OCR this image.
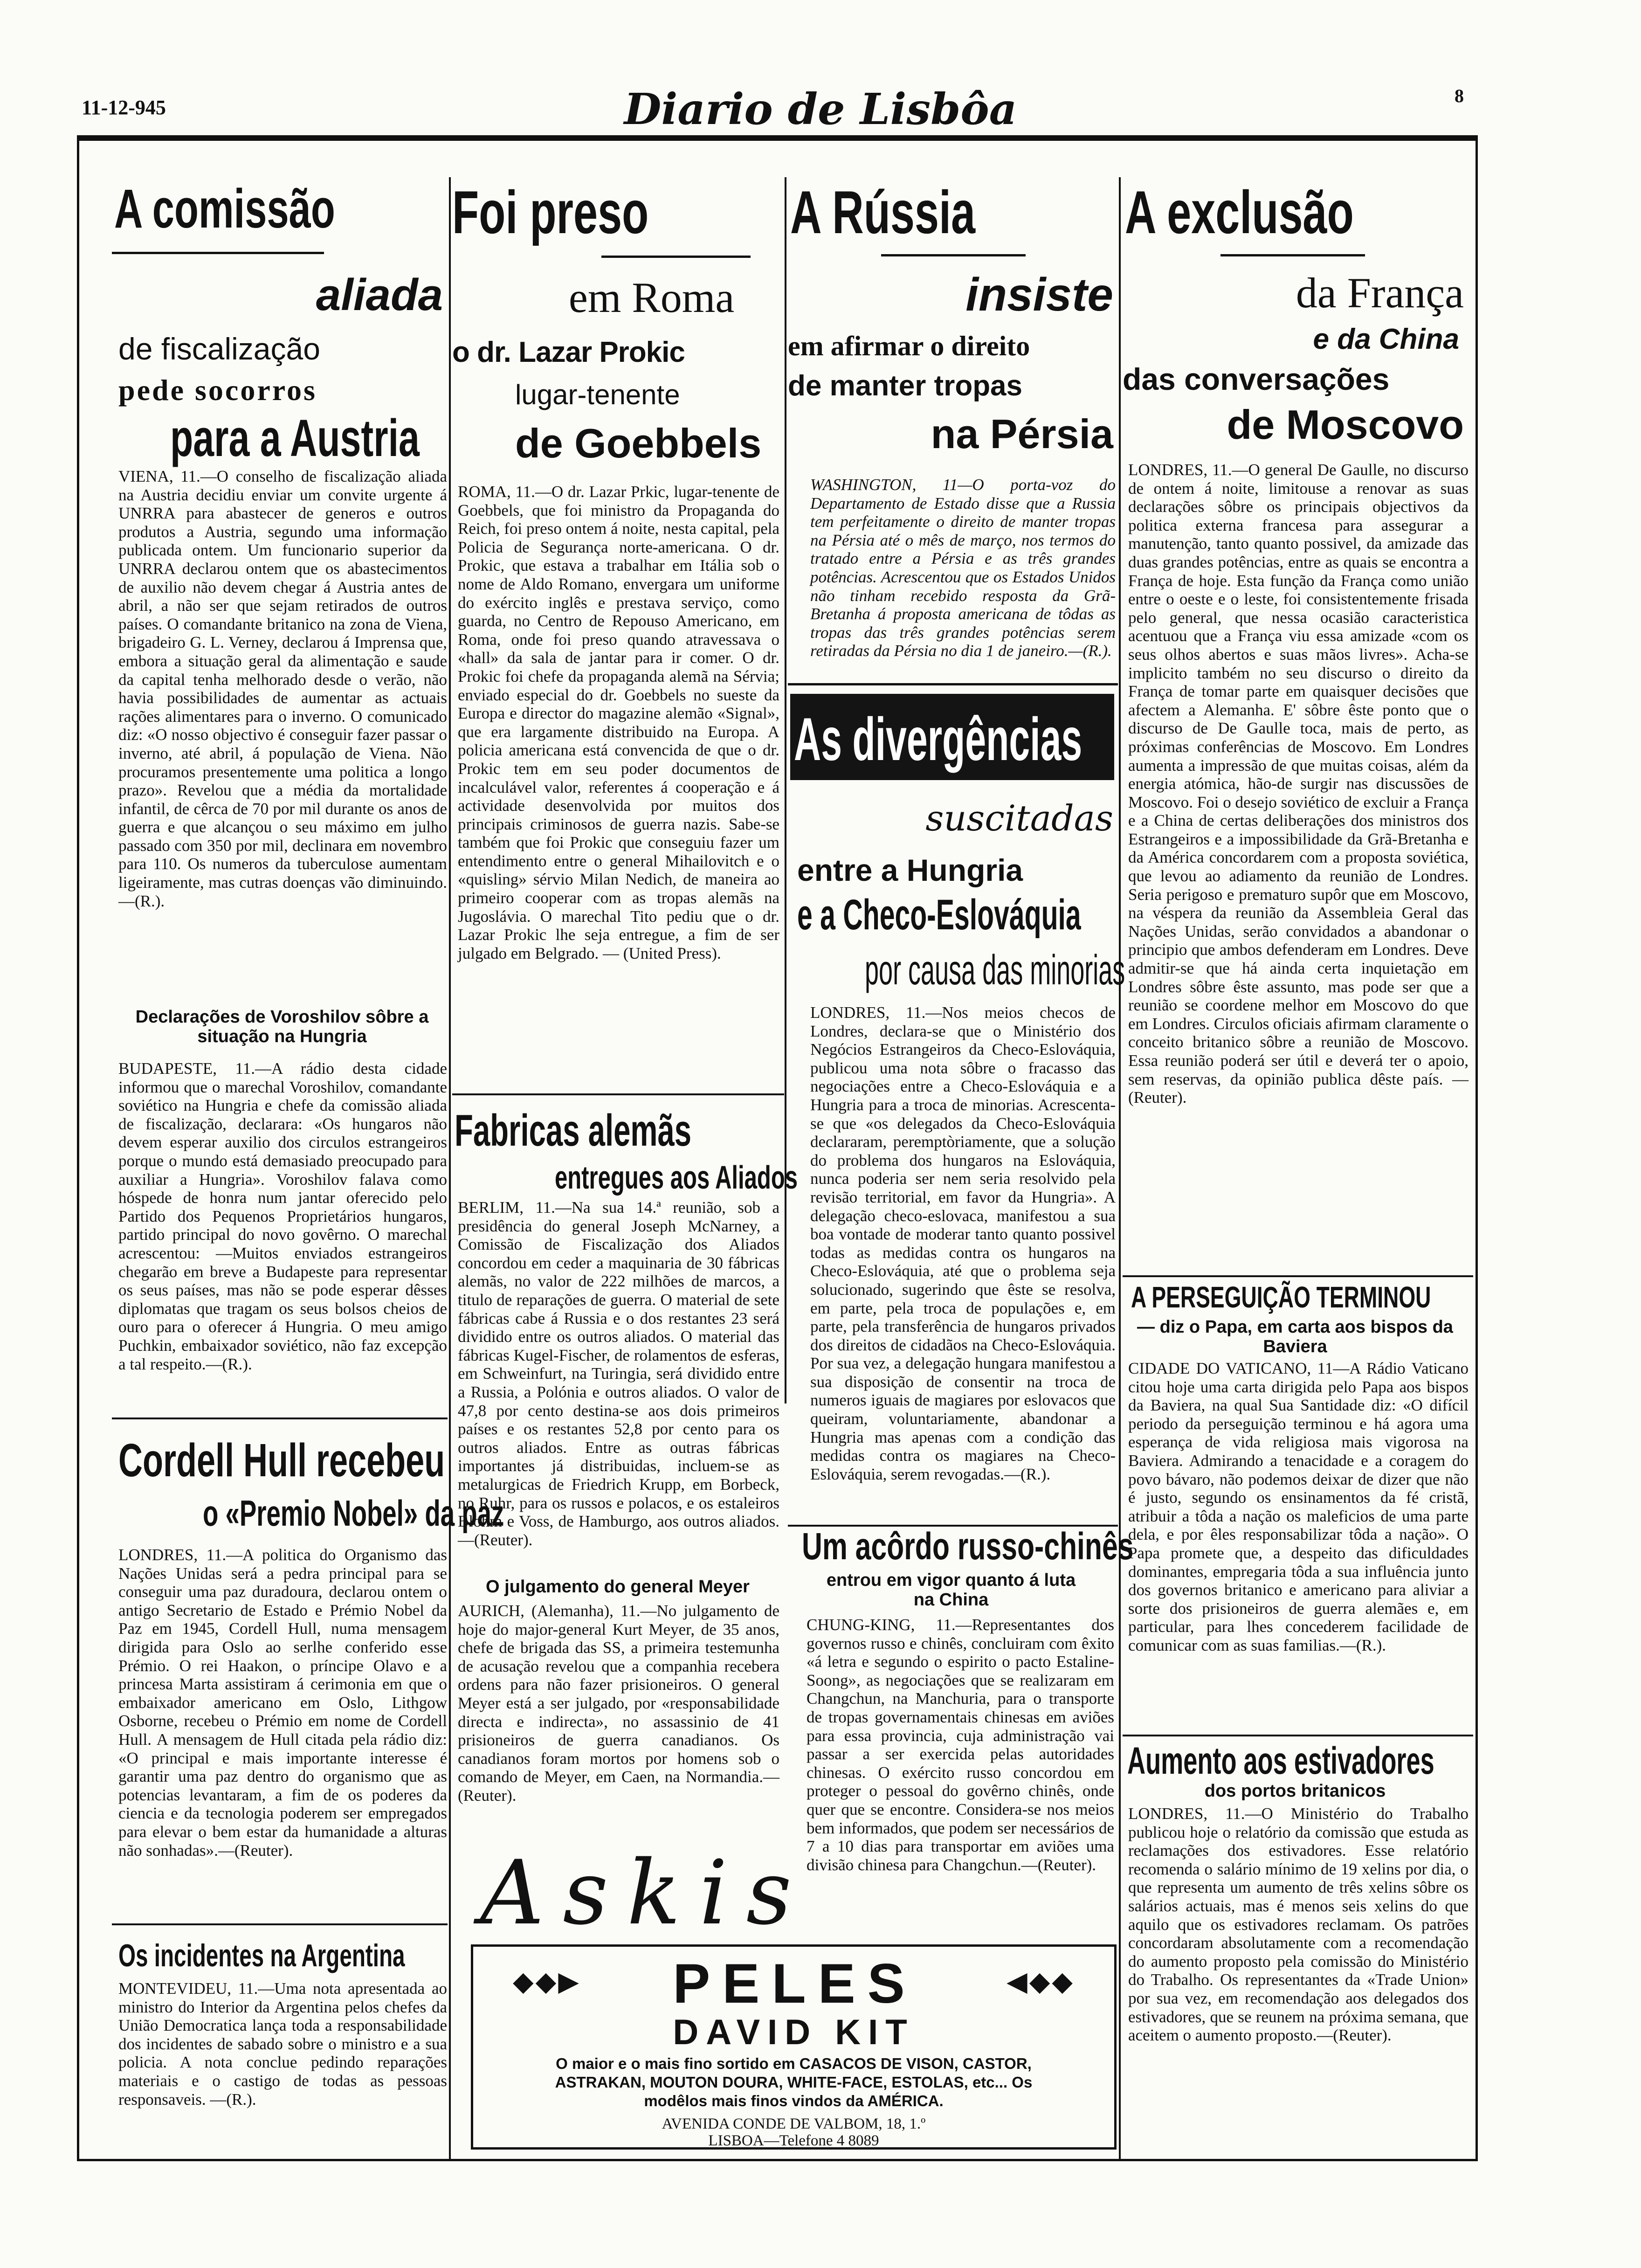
11-12-945	Diario de Lisbôa	8
A comissão
aliada
de fiscalização
pede socorros
para a Austria

VIENA, 11.—O conselho de fiscalização aliada na Austria decidiu enviar um convite urgente á UNRRA para abastecer de generos e outros produtos a Austria, segundo uma informação publicada ontem. Um funcionario superior da UNRRA declarou ontem que os abastecimentos de auxilio não devem chegar á Austria antes de abril, a não ser que sejam retirados de outros países. O comandante britanico na zona de Viena, brigadeiro G. L. Verney, declarou á Imprensa que, embora a situação geral da alimentação e saude da capital tenha melhorado desde o verão, não havia possibilidades de aumentar as actuais rações alimentares para o inverno. O comunicado diz: «O nosso objectivo é conseguir fazer passar o inverno, até abril, á população de Viena. Não procuramos presentemente uma politica a longo prazo». Revelou que a média da mortalidade infantil, de cêrca de 70 por mil durante os anos de guerra e que alcançou o seu máximo em julho passado com 350 por mil, declinara em novembro para 110. Os numeros da tuberculose aumentam ligeiramente, mas cutras doenças vão diminuindo.—(R.).

Declarações de Voroshilov sôbre a situação na Hungria

BUDAPESTE, 11.—A rádio desta cidade informou que o marechal Voroshilov, comandante soviético na Hungria e chefe da comissão aliada de fiscalização, declarara: «Os hungaros não devem esperar auxilio dos circulos estrangeiros porque o mundo está demasiado preocupado para auxiliar a Hungria». Voroshilov falava como hóspede de honra num jantar oferecido pelo Partido dos Pequenos Proprietários hungaros, partido principal do novo govêrno. O marechal acrescentou: —Muitos enviados estrangeiros chegarão em breve a Budapeste para representar os seus países, mas não se pode esperar dêsses diplomatas que tragam os seus bolsos cheios de ouro para o oferecer á Hungria. O meu amigo Puchkin, embaixador soviético, não faz excepção a tal respeito.—(R.).

Cordell Hull recebeu
o «Premio Nobel» da paz

LONDRES, 11.—A politica do Organismo das Nações Unidas será a pedra principal para se conseguir uma paz duradoura, declarou ontem o antigo Secretario de Estado e Prémio Nobel da Paz em 1945, Cordell Hull, numa mensagem dirigida para Oslo ao serlhe conferido esse Prémio. O rei Haakon, o príncipe Olavo e a princesa Marta assistiram á cerimonia em que o embaixador americano em Oslo, Lithgow Osborne, recebeu o Prémio em nome de Cordell Hull. A mensagem de Hull citada pela rádio diz: «O principal e mais importante interesse é garantir uma paz dentro do organismo que as potencias levantaram, a fim de os poderes da ciencia e da tecnologia poderem ser empregados para elevar o bem estar da humanidade a alturas não sonhadas».—(Reuter).

Os incidentes na Argentina

MONTEVIDEU, 11.—Uma nota apresentada ao ministro do Interior da Argentina pelos chefes da União Democratica lança toda a responsabilidade dos incidentes de sabado sobre o ministro e a sua policia. A nota conclue pedindo reparações materiais e o castigo de todas as pessoas responsaveis. —(R.).

Foi preso
em Roma
o dr. Lazar Prokic
lugar-tenente
de Goebbels

ROMA, 11.—O dr. Lazar Prkic, lugar-tenente de Goebbels, que foi ministro da Propaganda do Reich, foi preso ontem á noite, nesta capital, pela Policia de Segurança norte-americana. O dr. Prokic, que estava a trabalhar em Itália sob o nome de Aldo Romano, envergara um uniforme do exército inglês e prestava serviço, como guarda, no Centro de Repouso Americano, em Roma, onde foi preso quando atravessava o «hall» da sala de jantar para ir comer. O dr. Prokic foi chefe da propaganda alemã na Sérvia; enviado especial do dr. Goebbels no sueste da Europa e director do magazine alemão «Signal», que era largamente distribuido na Europa. A policia americana está convencida de que o dr. Prokic tem em seu poder documentos de incalculável valor, referentes á cooperação e á actividade desenvolvida por muitos dos principais criminosos de guerra nazis. Sabe-se também que foi Prokic que conseguiu fazer um entendimento entre o general Mihailovitch e o «quisling» sérvio Milan Nedich, de maneira ao primeiro cooperar com as tropas alemãs na Jugoslávia. O marechal Tito pediu que o dr. Lazar Prokic lhe seja entregue, a fim de ser julgado em Belgrado. — (United Press).

Fabricas alemãs
entregues aos Aliados

BERLIM, 11.—Na sua 14.ª reunião, sob a presidência do general Joseph McNarney, a Comissão de Fiscalização dos Aliados concordou em ceder a maquinaria de 30 fábricas alemãs, no valor de 222 milhões de marcos, a titulo de reparações de guerra. O material de sete fábricas cabe á Russia e o dos restantes 23 será dividido entre os outros aliados. O material das fábricas Kugel-Fischer, de rolamentos de esferas, em Schweinfurt, na Turingia, será dividido entre a Russia, a Polónia e outros aliados. O valor de 47,8 por cento destina-se aos dois primeiros países e os restantes 52,8 por cento para os outros aliados. Entre as outras fábricas importantes já distribuidas, incluem-se as metalurgicas de Friedrich Krupp, em Borbeck, no Ruhr, para os russos e polacos, e os estaleiros Blohm e Voss, de Hamburgo, aos outros aliados.—(Reuter).

O julgamento do general Meyer

AURICH, (Alemanha), 11.—No julgamento de hoje do major-general Kurt Meyer, de 35 anos, chefe de brigada das SS, a primeira testemunha de acusação revelou que a companhia recebera ordens para não fazer prisioneiros. O general Meyer está a ser julgado, por «responsabilidade directa e indirecta», no assassinio de 41 prisioneiros de guerra canadianos. Os canadianos foram mortos por homens sob o comando de Meyer, em Caen, na Normandia.—(Reuter).

A Rússia
insiste
em afirmar o direito
de manter tropas
na Pérsia

WASHINGTON, 11—O porta-voz do Departamento de Estado disse que a Russia tem perfeitamente o direito de manter tropas na Pérsia até o mês de março, nos termos do tratado entre a Pérsia e as três grandes potências. Acrescentou que os Estados Unidos não tinham recebido resposta da Grã-Bretanha á proposta americana de tôdas as tropas das três grandes potências serem retiradas da Pérsia no dia 1 de janeiro.—(R.).

As divergências
suscitadas
entre a Hungria
e a Checo-Eslováquia
por causa das minorias

LONDRES, 11.—Nos meios checos de Londres, declara-se que o Ministério dos Negócios Estrangeiros da Checo-Eslováquia, publicou uma nota sôbre o fracasso das negociações entre a Checo-Eslováquia e a Hungria para a troca de minorias. Acrescenta-se que «os delegados da Checo-Eslováquia declararam, peremptòriamente, que a solução do problema dos hungaros na Eslováquia, nunca poderia ser nem seria resolvido pela revisão territorial, em favor da Hungria». A delegação checo-eslovaca, manifestou a sua boa vontade de moderar tanto quanto possivel todas as medidas contra os hungaros na Checo-Eslováquia, até que o problema seja solucionado, sugerindo que êste se resolva, em parte, pela troca de populações e, em parte, pela transferência de hungaros privados dos direitos de cidadãos na Checo-Eslováquia. Por sua vez, a delegação hungara manifestou a sua disposição de consentir na troca de numeros iguais de magiares por eslovacos que queiram, voluntariamente, abandonar a Hungria mas apenas com a condição das medidas contra os magiares na Checo-Eslováquia, serem revogadas.—(R.).

Um acôrdo russo-chinês
entrou em vigor quanto á luta na China

CHUNG-KING, 11.—Representantes dos governos russo e chinês, concluiram com êxito «á letra e segundo o espirito o pacto Estaline-Soong», as negociações que se realizaram em Changchun, na Manchuria, para o transporte de tropas governamentais chinesas em aviões para essa provincia, cuja administração vai passar a ser exercida pelas autoridades chinesas. O exército russo concordou em proteger o pessoal do govêrno chinês, onde quer que se encontre. Considera-se nos meios bem informados, que podem ser necessários de 7 a 10 dias para transportar em aviões uma divisão chinesa para Changchun.—(Reuter).

Askis
◆◆▶	PELES	◀◆◆
DAVID KIT
O maior e o mais fino sortido em CASACOS DE VISON, CASTOR,
ASTRAKAN, MOUTON DOURA, WHITE-FACE, ESTOLAS, etc... Os
modêlos mais finos vindos da AMÉRICA.
AVENIDA CONDE DE VALBOM, 18, 1.º
LISBOA—Telefone 4 8089
A exclusão
da França
e da China
das conversações
de Moscovo

LONDRES, 11.—O general De Gaulle, no discurso de ontem á noite, limitouse a renovar as suas declarações sôbre os principais objectivos da politica externa francesa para assegurar a manutenção, tanto quanto possivel, da amizade das duas grandes potências, entre as quais se encontra a França de hoje. Esta função da França como união entre o oeste e o leste, foi consistentemente frisada pelo general, que nessa ocasião caracteristica acentuou que a França viu essa amizade «com os seus olhos abertos e suas mãos livres». Acha-se implicito também no seu discurso o direito da França de tomar parte em quaisquer decisões que afectem a Alemanha. E' sôbre êste ponto que o discurso de De Gaulle toca, mais de perto, as próximas conferências de Moscovo. Em Londres aumenta a impressão de que muitas coisas, além da energia atómica, hão-de surgir nas discussões de Moscovo. Foi o desejo soviético de excluir a França e a China de certas deliberações dos ministros dos Estrangeiros e a impossibilidade da Grã-Bretanha e da América concordarem com a proposta soviética, que levou ao adiamento da reunião de Londres. Seria perigoso e prematuro supôr que em Moscovo, na véspera da reunião da Assembleia Geral das Nações Unidas, serão convidados a abandonar o principio que ambos defenderam em Londres. Deve admitir-se que há ainda certa inquietação em Londres sôbre êste assunto, mas pode ser que a reunião se coordene melhor em Moscovo do que em Londres. Circulos oficiais afirmam claramente o conceito britanico sôbre a reunião de Moscovo. Essa reunião poderá ser útil e deverá ter o apoio, sem reservas, da opinião publica dêste país. — (Reuter).

A PERSEGUIÇÃO TERMINOU
— diz o Papa, em carta aos bispos da Baviera

CIDADE DO VATICANO, 11—A Rádio Vaticano citou hoje uma carta dirigida pelo Papa aos bispos da Baviera, na qual Sua Santidade diz: «O difícil periodo da perseguição terminou e há agora uma esperança de vida religiosa mais vigorosa na Baviera. Admirando a tenacidade e a coragem do povo bávaro, não podemos deixar de dizer que não é justo, segundo os ensinamentos da fé cristã, atribuir a tôda a nação os maleficios de uma parte dela, e por êles responsabilizar tôda a nação». O Papa promete que, a despeito das dificuldades dominantes, empregaria tôda a sua influência junto dos governos britanico e americano para aliviar a sorte dos prisioneiros de guerra alemães e, em particular, para lhes concederem facilidade de comunicar com as suas familias.—(R.).

Aumento aos estivadores
dos portos britanicos

LONDRES, 11.—O Ministério do Trabalho publicou hoje o relatório da comissão que estuda as reclamações dos estivadores. Esse relatório recomenda o salário mínimo de 19 xelins por dia, o que representa um aumento de três xelins sôbre os salários actuais, mas é menos seis xelins do que aquilo que os estivadores reclamam. Os patrões concordaram absolutamente com a recomendação do aumento proposto pela comissão do Ministério do Trabalho. Os representantes da «Trade Union» por sua vez, em recomendação aos delegados dos estivadores, que se reunem na próxima semana, que aceitem o aumento proposto.—(Reuter).
